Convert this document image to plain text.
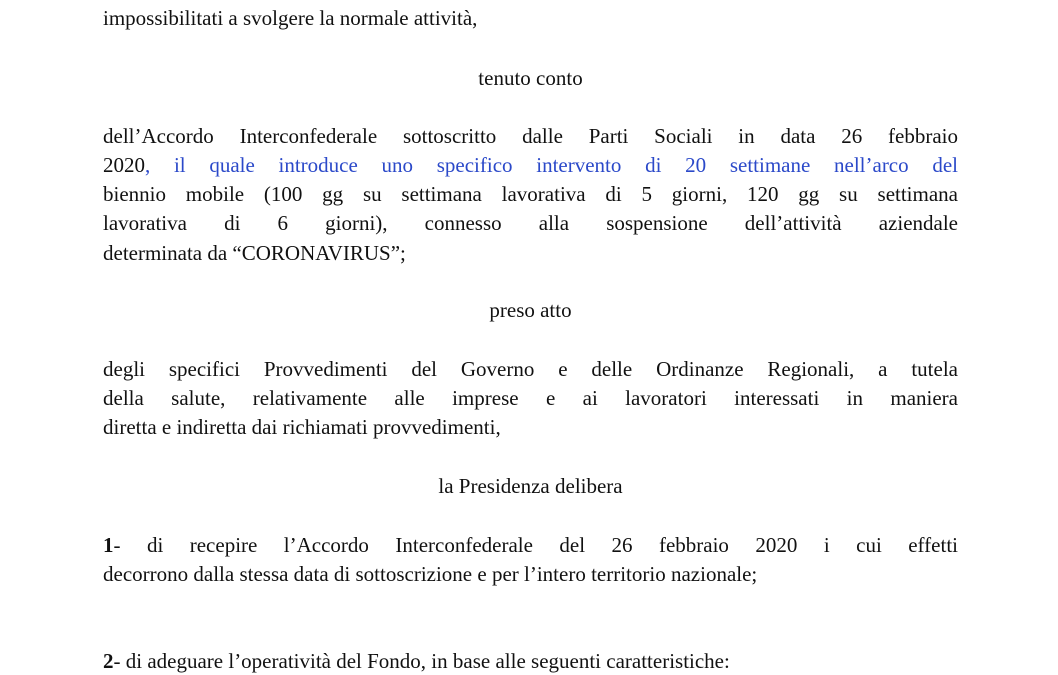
impossibilitati a svolgere la normale attività,
tenuto conto
dell’Accordo Interconfederale sottoscritto dalle Parti Sociali in data 26 febbraio
2020, il quale introduce uno specifico intervento di 20 settimane nell’arco del
biennio mobile (100 gg su settimana lavorativa di 5 giorni, 120 gg su settimana
lavorativa di 6 giorni), connesso alla sospensione dell’attività aziendale
determinata da “CORONAVIRUS”;
preso atto
degli specifici Provvedimenti del Governo e delle Ordinanze Regionali, a tutela
della salute, relativamente alle imprese e ai lavoratori interessati in maniera
diretta e indiretta dai richiamati provvedimenti,
la Presidenza delibera
1- di recepire l’Accordo Interconfederale del 26 febbraio 2020 i cui effetti
decorrono dalla stessa data di sottoscrizione e per l’intero territorio nazionale;
2- di adeguare l’operatività del Fondo, in base alle seguenti caratteristiche:
